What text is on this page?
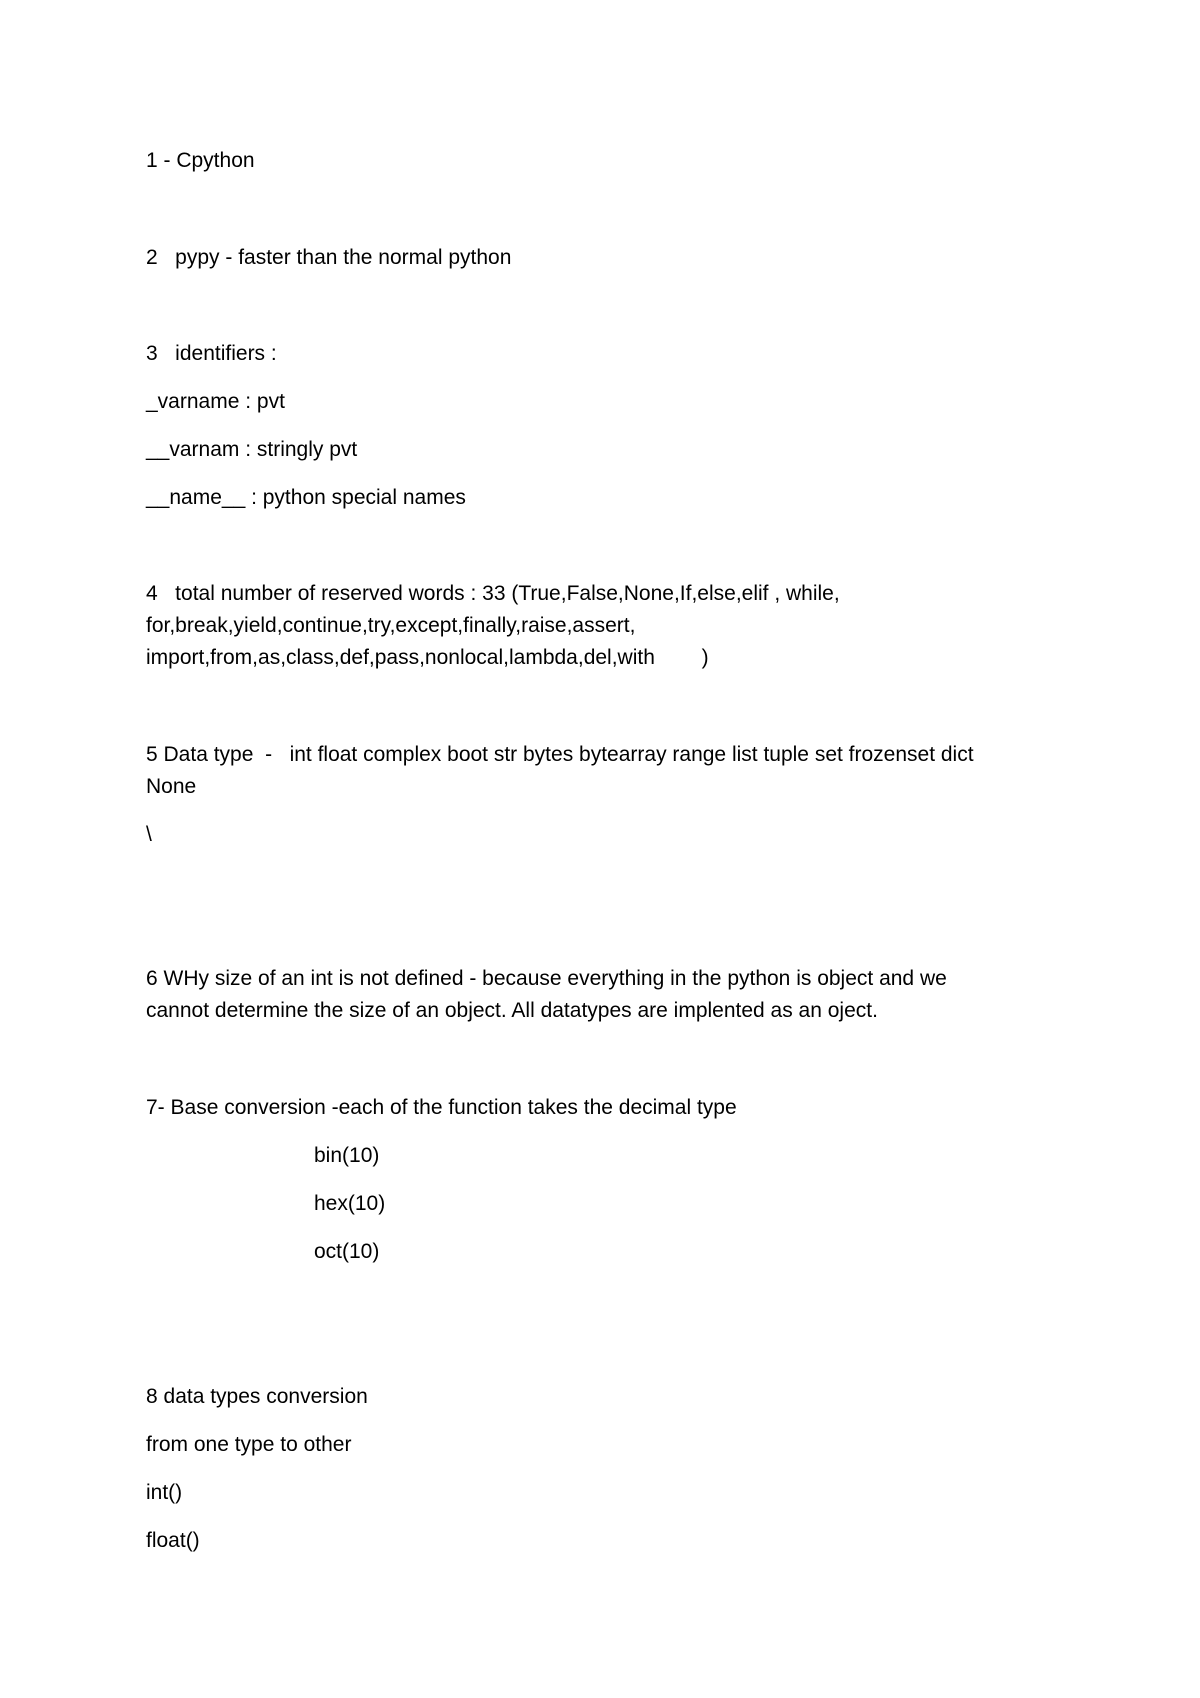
1 - Cpython
2   pypy - faster than the normal python
3   identifiers :
_varname : pvt
__varnam : stringly pvt
__name__ : python special names
4   total number of reserved words : 33 (True,False,None,If,else,elif , while,
for,break,yield,continue,try,except,finally,raise,assert,
import,from,as,class,def,pass,nonlocal,lambda,del,with        )
5 Data type  -   int float complex boot str bytes bytearray range list tuple set frozenset dict
None
\
6 WHy size of an int is not defined - because everything in the python is object and we
cannot determine the size of an object. All datatypes are implented as an oject.
7- Base conversion -each of the function takes the decimal type
bin(10)
hex(10)
oct(10)
8 data types conversion
from one type to other
int()
float()
